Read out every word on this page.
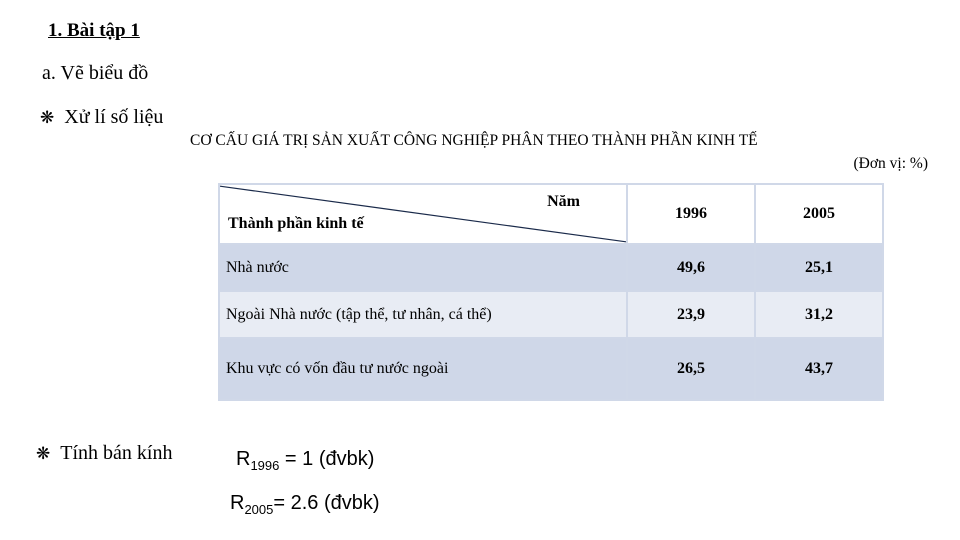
1. Bài tập 1
a. Vẽ biểu đồ
❋ Xử lí số liệu
CƠ CẤU GIÁ TRỊ SẢN XUẤT CÔNG NGHIỆP PHÂN THEO THÀNH PHẦN KINH TẾ
(Đơn vị: %)
Năm
Thành phần kinh tế	1996	2005
Nhà nước	49,6	25,1
Ngoài Nhà nước (tập thể, tư nhân, cá thể)	23,9	31,2
Khu vực có vốn đầu tư nước ngoài	26,5	43,7
❋ Tính bán kính	$R_{1996} = 1$ (đvbk)
$R_{2005}= 2.6$ (đvbk)
